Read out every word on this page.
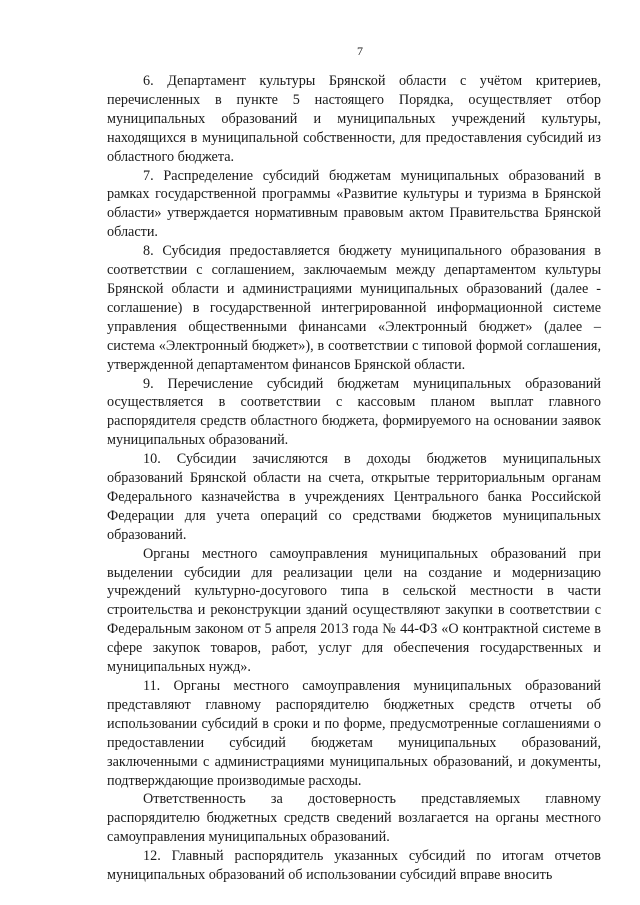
7

6. Департамент культуры Брянской области с учётом критериев, перечисленных в пункте 5 настоящего Порядка, осуществляет отбор муниципальных образований и муниципальных учреждений культуры, находящихся в муниципальной собственности, для предоставления субсидий из областного бюджета.

7. Распределение субсидий бюджетам муниципальных образований в рамках государственной программы «Развитие культуры и туризма в Брянской области» утверждается нормативным правовым актом Правительства Брянской области.

8. Субсидия предоставляется бюджету муниципального образования в соответствии с соглашением, заключаемым между департаментом культуры Брянской области и администрациями муниципальных образований (далее - соглашение) в государственной интегрированной информационной системе управления общественными финансами «Электронный бюджет» (далее – система «Электронный бюджет»), в соответствии с типовой формой соглашения, утвержденной департаментом финансов Брянской области.

9. Перечисление субсидий бюджетам муниципальных образований осуществляется в соответствии с кассовым планом выплат главного распорядителя средств областного бюджета, формируемого на основании заявок муниципальных образований.

10. Субсидии зачисляются в доходы бюджетов муниципальных образований Брянской области на счета, открытые территориальным органам Федерального казначейства в учреждениях Центрального банка Российской Федерации для учета операций со средствами бюджетов муниципальных образований.

Органы местного самоуправления муниципальных образований при выделении субсидии для реализации цели на создание и модернизацию учреждений культурно-досугового типа в сельской местности в части строительства и реконструкции зданий осуществляют закупки в соответствии с Федеральным законом от 5 апреля 2013 года № 44-ФЗ «О контрактной системе в сфере закупок товаров, работ, услуг для обеспечения государственных и муниципальных нужд».

11. Органы местного самоуправления муниципальных образований представляют главному распорядителю бюджетных средств отчеты об использовании субсидий в сроки и по форме, предусмотренные соглашениями о предоставлении субсидий бюджетам муниципальных образований, заключенными с администрациями муниципальных образований, и документы, подтверждающие производимые расходы.

Ответственность за достоверность представляемых главному распорядителю бюджетных средств сведений возлагается на органы местного самоуправления муниципальных образований.

12. Главный распорядитель указанных субсидий по итогам отчетов муниципальных образований об использовании субсидий вправе вносить
